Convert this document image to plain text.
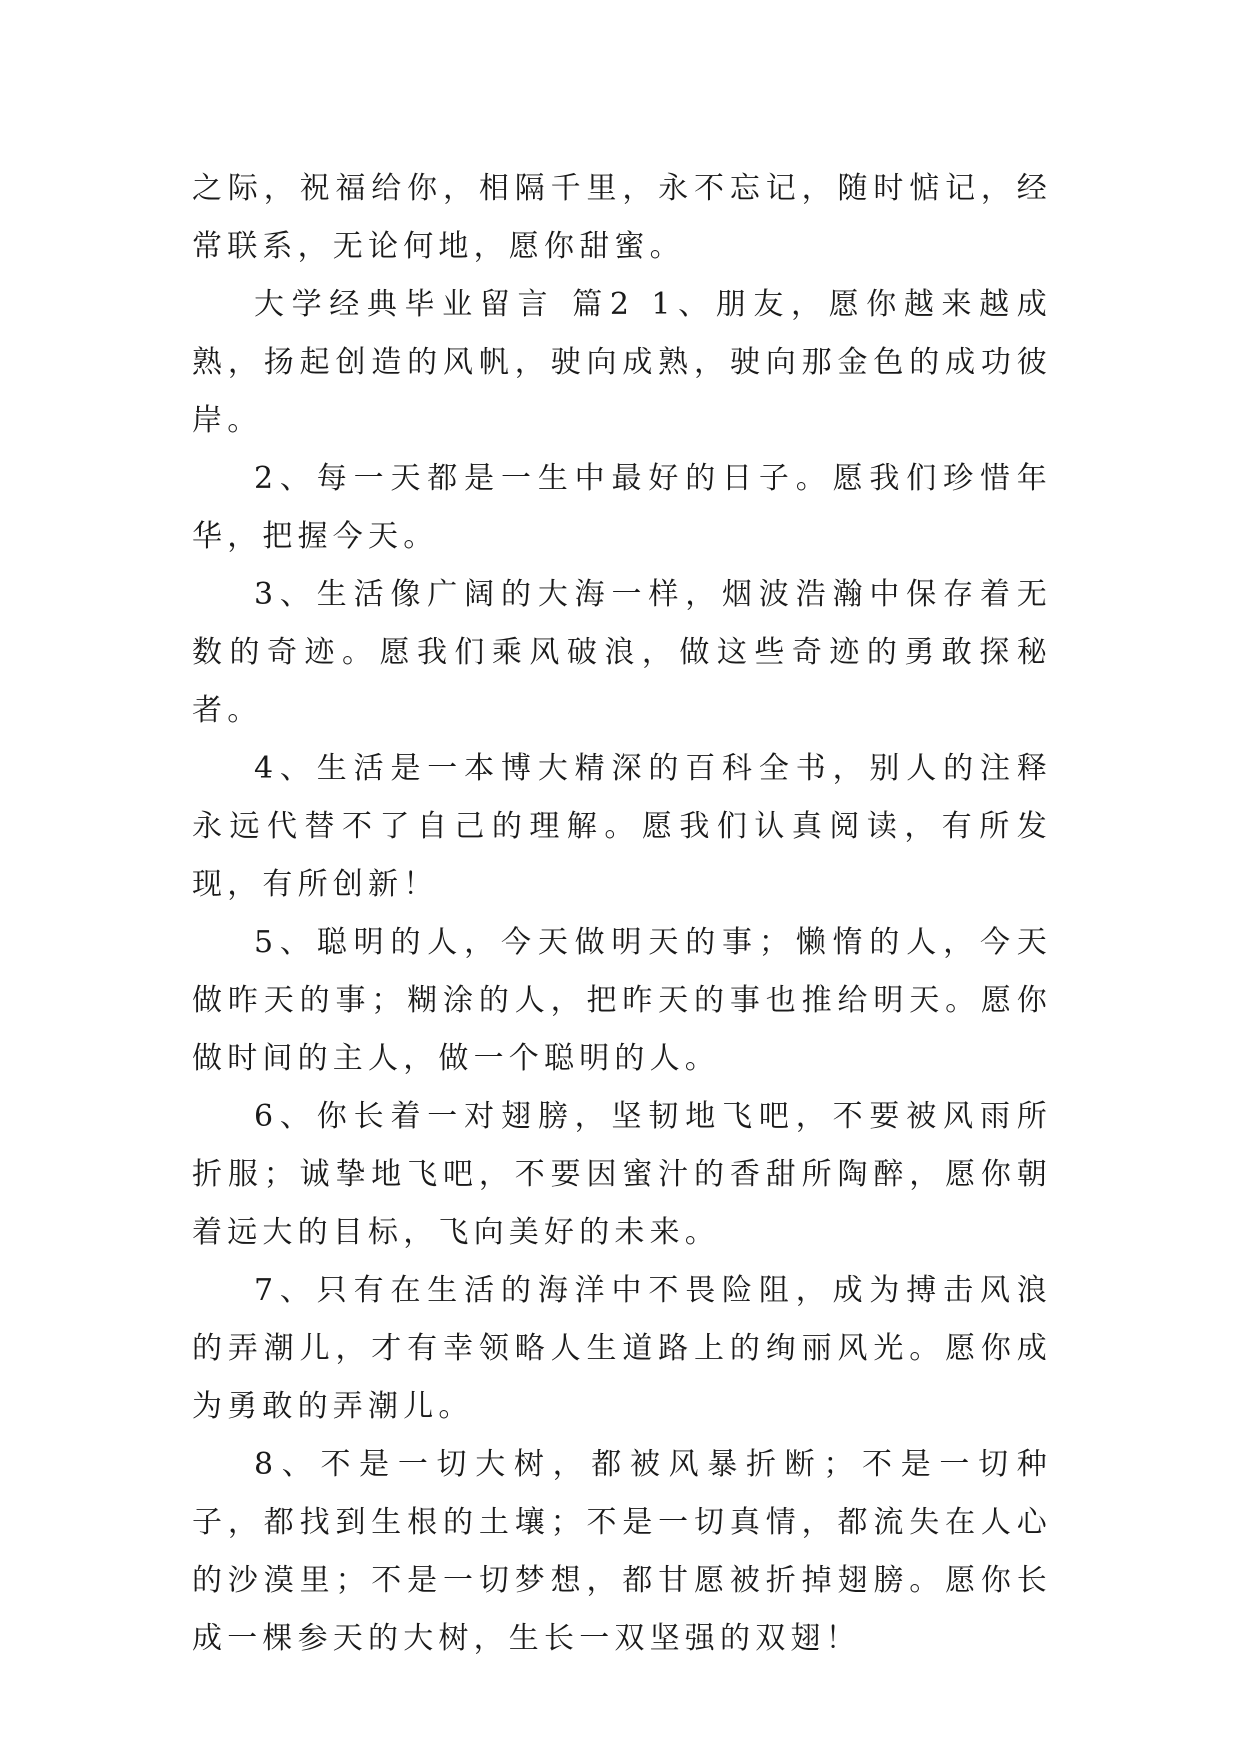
之际，祝福给你，相隔千里，永不忘记，随时惦记，经常联系，无论何地，愿你甜蜜。

大学经典毕业留言 篇2 1、朋友，愿你越来越成熟，扬起创造的风帆，驶向成熟，驶向那金色的成功彼岸。

2、每一天都是一生中最好的日子。愿我们珍惜年华，把握今天。

3、生活像广阔的大海一样，烟波浩瀚中保存着无数的奇迹。愿我们乘风破浪，做这些奇迹的勇敢探秘者。

4、生活是一本博大精深的百科全书，别人的注释永远代替不了自己的理解。愿我们认真阅读，有所发现，有所创新！

5、聪明的人，今天做明天的事；懒惰的人，今天做昨天的事；糊涂的人，把昨天的事也推给明天。愿你做时间的主人，做一个聪明的人。

6、你长着一对翅膀，坚韧地飞吧，不要被风雨所折服；诚挚地飞吧，不要因蜜汁的香甜所陶醉，愿你朝着远大的目标，飞向美好的未来。

7、只有在生活的海洋中不畏险阻，成为搏击风浪的弄潮儿，才有幸领略人生道路上的绚丽风光。愿你成为勇敢的弄潮儿。

8、不是一切大树，都被风暴折断；不是一切种子，都找到生根的土壤；不是一切真情，都流失在人心的沙漠里；不是一切梦想，都甘愿被折掉翅膀。愿你长成一棵参天的大树，生长一双坚强的双翅！
